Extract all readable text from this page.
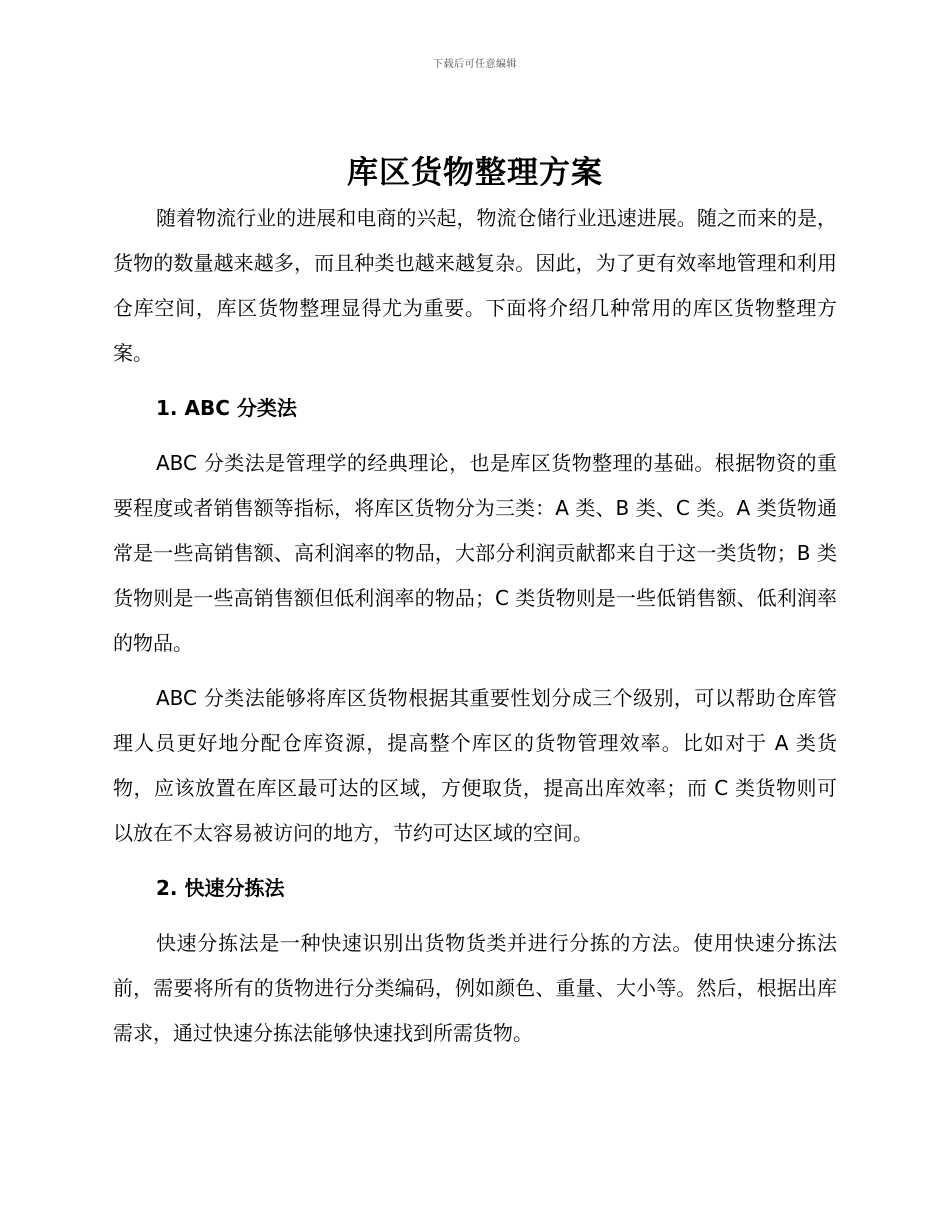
下载后可任意编辑
库区货物整理方案

随着物流行业的进展和电商的兴起，物流仓储行业迅速进展。随之而来的是，货物的数量越来越多，而且种类也越来越复杂。因此，为了更有效率地管理和利用仓库空间，库区货物整理显得尤为重要。下面将介绍几种常用的库区货物整理方案。

1. ABC 分类法

ABC 分类法是管理学的经典理论，也是库区货物整理的基础。根据物资的重要程度或者销售额等指标，将库区货物分为三类：A 类、B 类、C 类。A 类货物通常是一些高销售额、高利润率的物品，大部分利润贡献都来自于这一类货物；B 类货物则是一些高销售额但低利润率的物品；C 类货物则是一些低销售额、低利润率的物品。

ABC 分类法能够将库区货物根据其重要性划分成三个级别，可以帮助仓库管理人员更好地分配仓库资源，提高整个库区的货物管理效率。比如对于 A 类货物，应该放置在库区最可达的区域，方便取货，提高出库效率；而 C 类货物则可以放在不太容易被访问的地方，节约可达区域的空间。

2. 快速分拣法

快速分拣法是一种快速识别出货物货类并进行分拣的方法。使用快速分拣法前，需要将所有的货物进行分类编码，例如颜色、重量、大小等。然后，根据出库需求，通过快速分拣法能够快速找到所需货物。
